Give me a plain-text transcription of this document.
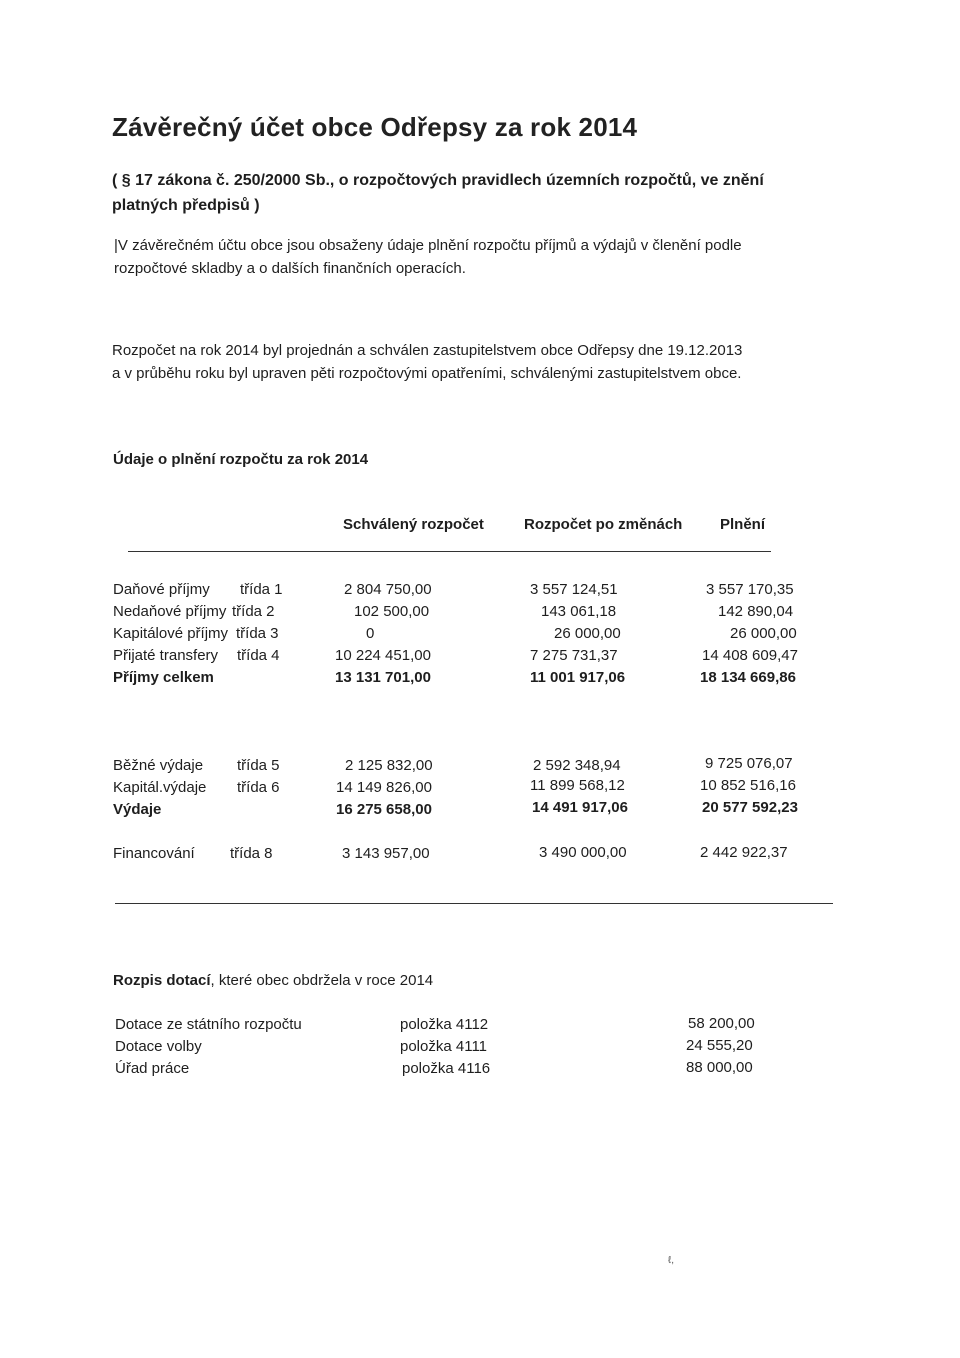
Závěrečný účet obce Odřepsy za rok 2014
( § 17 zákona č. 250/2000 Sb., o rozpočtových pravidlech územních rozpočtů, ve znění platných předpisů )
|V závěrečném účtu obce jsou obsaženy údaje plnění rozpočtu příjmů a výdajů v členění podle rozpočtové skladby a o dalších finančních operacích.
Rozpočet na rok 2014 byl projednán a schválen zastupitelstvem obce Odřepsy dne 19.12.2013 a v průběhu roku byl upraven pěti rozpočtovými opatřeními, schválenými zastupitelstvem obce.
Údaje o plnění rozpočtu za rok 2014
Schválený rozpočet	Rozpočet po změnách	Plnění
Daňové příjmy třída 1	2 804 750,00	3 557 124,51	3 557 170,35
Nedaňové příjmy třída 2	102 500,00	143 061,18	142 890,04
Kapitálové příjmy třída 3	0	26 000,00	26 000,00
Přijaté transfery třída 4	10 224 451,00	7 275 731,37	14 408 609,47
Příjmy celkem	13 131 701,00	11 001 917,06	18 134 669,86
Běžné výdaje třída 5	2 125 832,00	2 592 348,94	9 725 076,07
Kapitál.výdaje třída 6	14 149 826,00	11 899 568,12	10 852 516,16
Výdaje	16 275 658,00	14 491 917,06	20 577 592,23
Financování třída 8	3 143 957,00	3 490 000,00	2 442 922,37
Rozpis dotací, které obec obdržela v roce 2014
Dotace ze státního rozpočtu	položka 4112	58 200,00
Dotace volby	položka 4111	24 555,20
Úřad práce	položka 4116	88 000,00
ℓ,
